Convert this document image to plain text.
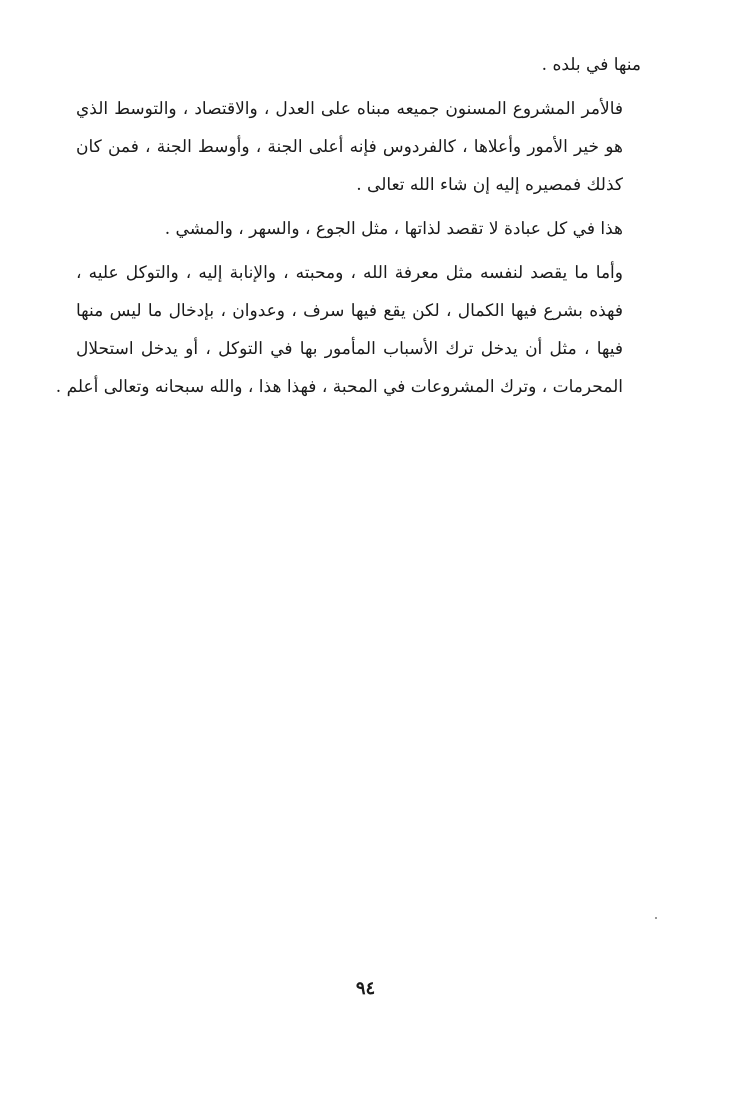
منها في بلده .

فالأمر المشروع المسنون جميعه مبناه على العدل ، والاقتصاد ، والتوسط الذي
هو خير الأمور وأعلاها ، كالفردوس فإنه أعلى الجنة ، وأوسط الجنة ، فمن كان
كذلك فمصيره إليه إن شاء الله تعالى .

هذا في كل عبادة لا تقصد لذاتها ، مثل الجوع ، والسهر ، والمشي .

وأما ما يقصد لنفسه مثل معرفة الله ، ومحبته ، والإنابة إليه ، والتوكل عليه ،
فهذه بشرع فيها الكمال ، لكن يقع فيها سرف ، وعدوان ، بإدخال ما ليس منها
فيها ، مثل أن يدخل ترك الأسباب المأمور بها في التوكل ، أو يدخل استحلال
المحرمات ، وترك المشروعات في المحبة ، فهذا هذا ، والله سبحانه وتعالى أعلم .

٩٤
